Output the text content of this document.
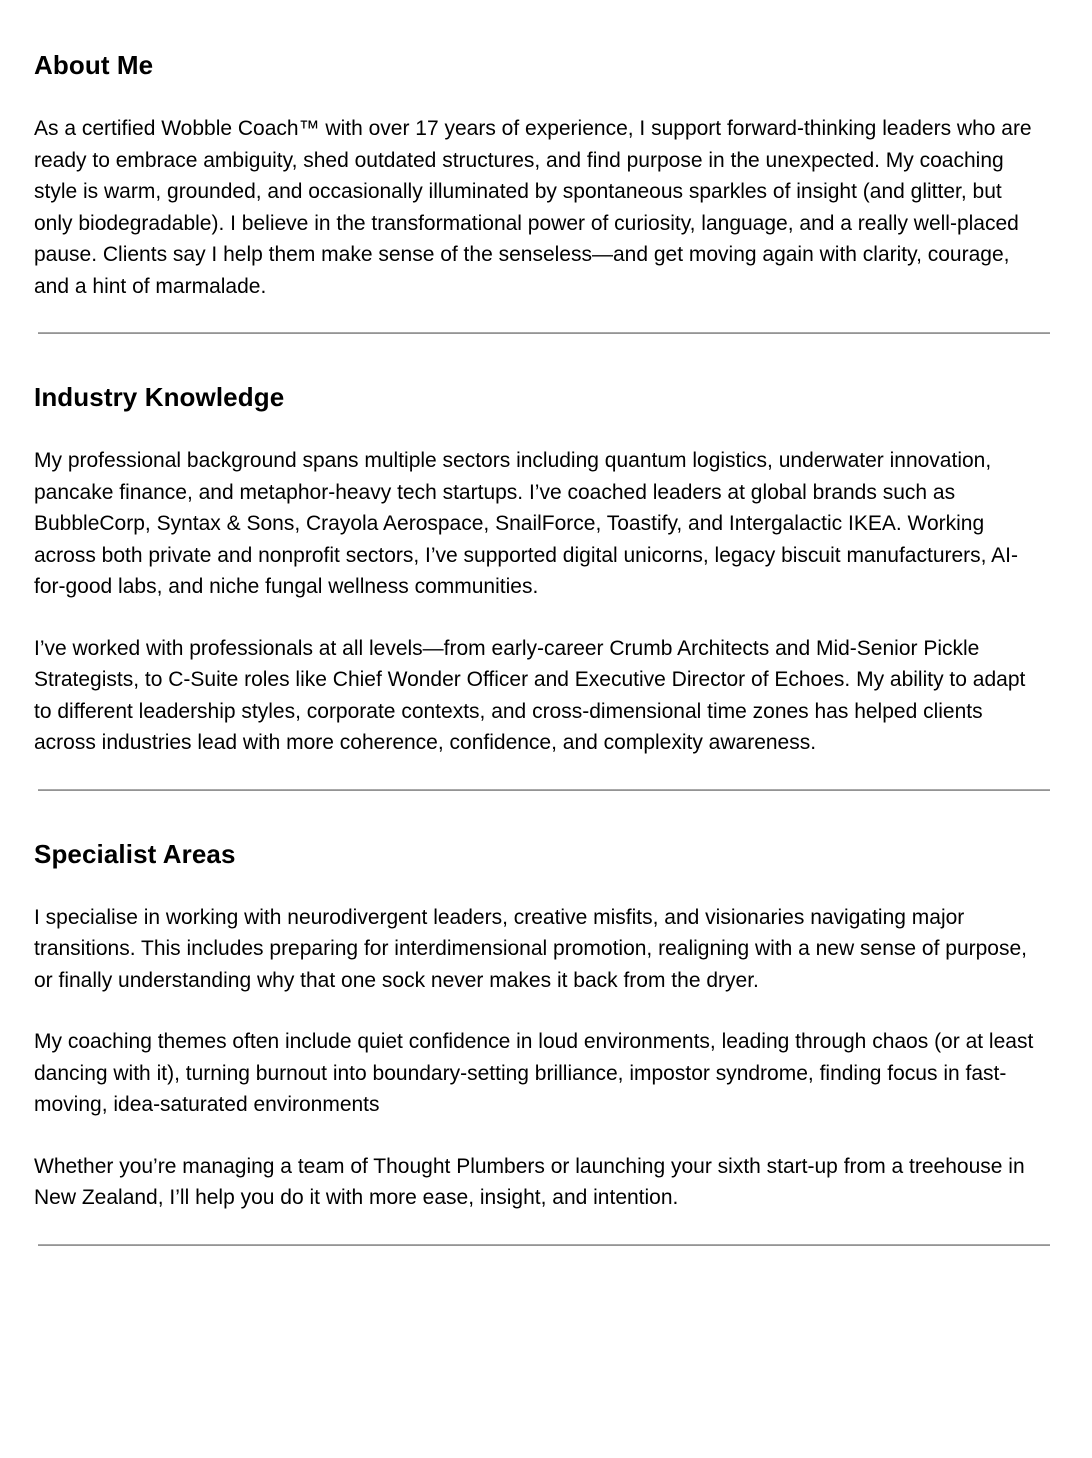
About Me

As a certified Wobble Coach™ with over 17 years of experience, I support forward-thinking leaders who are ready to embrace ambiguity, shed outdated structures, and find purpose in the unexpected. My coaching style is warm, grounded, and occasionally illuminated by spontaneous sparkles of insight (and glitter, but only biodegradable). I believe in the transformational power of curiosity, language, and a really well-placed pause. Clients say I help them make sense of the senseless—and get moving again with clarity, courage, and a hint of marmalade.

Industry Knowledge

My professional background spans multiple sectors including quantum logistics, underwater innovation, pancake finance, and metaphor-heavy tech startups. I’ve coached leaders at global brands such as BubbleCorp, Syntax & Sons, Crayola Aerospace, SnailForce, Toastify, and Intergalactic IKEA. Working across both private and nonprofit sectors, I’ve supported digital unicorns, legacy biscuit manufacturers, AI-for-good labs, and niche fungal wellness communities.

I’ve worked with professionals at all levels—from early-career Crumb Architects and Mid-Senior Pickle Strategists, to C-Suite roles like Chief Wonder Officer and Executive Director of Echoes. My ability to adapt to different leadership styles, corporate contexts, and cross-dimensional time zones has helped clients across industries lead with more coherence, confidence, and complexity awareness.

Specialist Areas

I specialise in working with neurodivergent leaders, creative misfits, and visionaries navigating major transitions. This includes preparing for interdimensional promotion, realigning with a new sense of purpose, or finally understanding why that one sock never makes it back from the dryer.

My coaching themes often include quiet confidence in loud environments, leading through chaos (or at least dancing with it), turning burnout into boundary-setting brilliance, impostor syndrome, finding focus in fast-moving, idea-saturated environments

Whether you’re managing a team of Thought Plumbers or launching your sixth start-up from a treehouse in New Zealand, I’ll help you do it with more ease, insight, and intention.
